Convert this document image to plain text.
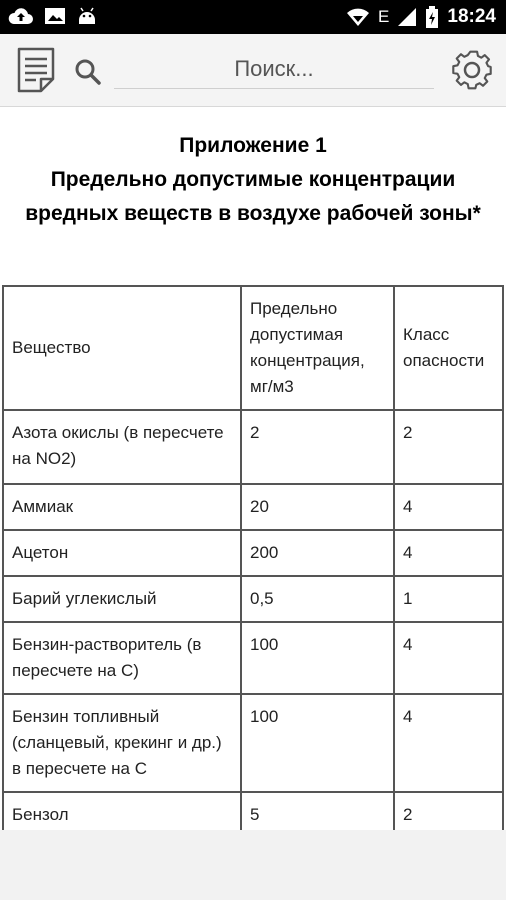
E	18:24
Поиск...
Приложение 1
Предельно допустимые концентрации вредных веществ в воздухе рабочей зоны*
Вещество	Предельно допустимая концентрация, мг/м3	Класс опасности
Азота окислы (в пересчете на NO2)	2	2
Аммиак	20	4
Ацетон	200	4
Барий углекислый	0,5	1
Бензин-растворитель (в пересчете на С)	100	4
Бензин топливный (сланцевый, крекинг и др.) в пересчете на С	100	4
Бензол	5	2
